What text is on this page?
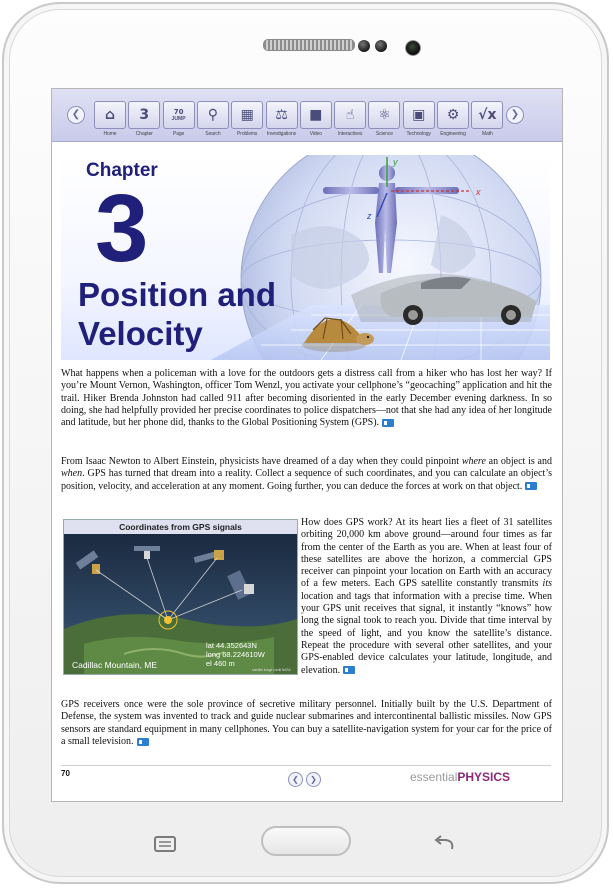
❮	⌂
Home
3
Chapter
70
JUMP
Page
⚲
Search
▦
Problems
⚖
Investigations
■
Video
☝
Interactives
⚛
Science
▣
Technology
⚙
Engineering
√x
Math
❯
y
x
z
Chapter
3
Position and
Velocity

What happens when a policeman with a love for the outdoors gets a distress call from a hiker who has lost her way? If you’re Mount Vernon, Washington, officer Tom Wenzl, you activate your cellphone’s “geocaching” application and hit the trail. Hiker Brenda Johnston had called 911 after becoming disoriented in the early December evening darkness. In so doing, she had helpfully provided her precise coordinates to police dispatchers—not that she had any idea of her longitude and latitude, but her phone did, thanks to the Global Positioning System (GPS).

From Isaac Newton to Albert Einstein, physicists have dreamed of a day when they could pinpoint where an object is and when. GPS has turned that dream into a reality. Collect a sequence of such coordinates, and you can calculate an object’s position, velocity, and acceleration at any moment. Going further, you can deduce the forces at work on that object.

Coordinates from GPS signals
Cadillac Mountain, ME
lat 44.352643N
long 68.224610W
el 460 m
satellite image credit NASA

How does GPS work? At its heart lies a fleet of 31 satellites orbiting 20,000 km above ground—around four times as far from the center of the Earth as you are. When at least four of these satellites are above the horizon, a commercial GPS receiver can pinpoint your location on Earth with an accuracy of a few meters. Each GPS satellite constantly transmits its location and tags that information with a precise time. When your GPS unit receives that signal, it instantly “knows” how long the signal took to reach you. Divide that time interval by the speed of light, and you know the satellite’s distance. Repeat the procedure with several other satellites, and your GPS-enabled device calculates your latitude, longitude, and elevation.

GPS receivers once were the sole province of secretive military personnel. Initially built by the U.S. Department of Defense, the system was invented to track and guide nuclear submarines and intercontinental ballistic missiles. Now GPS sensors are standard equipment in many cellphones. You can buy a satellite-navigation system for your car for the price of a small television.

70
❮	❯	essentialPHYSICS
